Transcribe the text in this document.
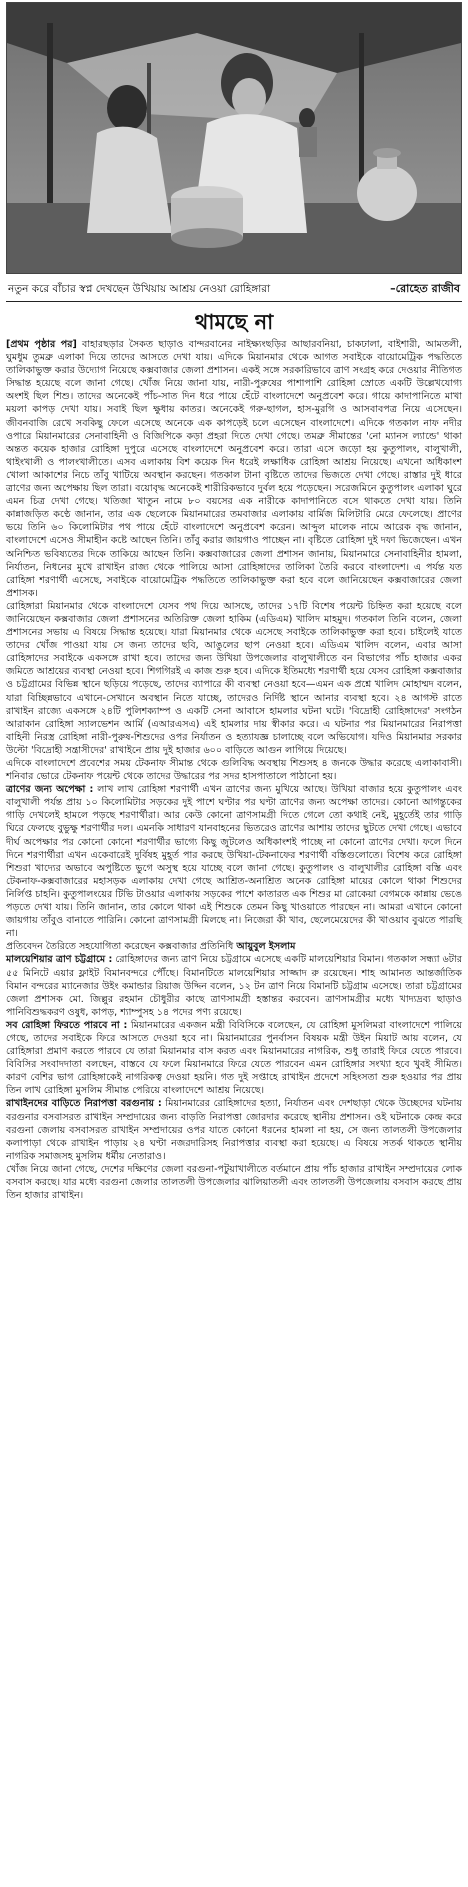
নতুন করে বাঁচার স্বপ্ন দেখছেন উখিয়ায় আশ্রয় নেওয়া রোহিঙ্গারা	–রোহেত রাজীব
থামছে না

[প্রথম পৃষ্ঠার পর] বাহারছড়ার সৈকত ছাড়াও বান্দরবানের নাইক্ষ্যংছড়ির আছারবনিয়া, চাকঢালা, বাইশারী, আমতলী, ঘুমধুম তুমব্রু এলাকা দিয়ে তাদের আসতে দেখা যায়। এদিকে মিয়ানমার থেকে আগত সবাইকে বায়োমেট্রিক পদ্ধতিতে তালিকাভুক্ত করার উদ্যোগ নিয়েছে কক্সবাজার জেলা প্রশাসন। একই সঙ্গে সরকারিভাবে ত্রাণ সংগ্রহ করে দেওয়ার নীতিগত সিদ্ধান্ত হয়েছে বলে জানা গেছে। খোঁজ নিয়ে জানা যায়, নারী-পুরুষের পাশাপাশি রোহিঙ্গা স্রোতে একটি উল্লেখযোগ্য অংশই ছিল শিশু। তাদের অনেকেই পাঁচ-সাত দিন ধরে পায়ে হেঁটে বাংলাদেশে অনুপ্রবেশ করে। গায়ে কাদাপানিতে মাখা ময়লা কাপড় দেখা যায়। সবাই ছিল ক্ষুধায় কাতর। অনেকেই গরু-ছাগল, হাস-মুরগি ও আসবাবপত্র নিয়ে এসেছেন। জীবনবাজি রেখে সবকিছু ফেলে এসেছে অনেকে এক কাপড়েই চলে এসেছেন বাংলাদেশে। এদিকে গতকাল নাফ নদীর ওপারে মিয়ানমারের সেনাবাহিনী ও বিজিপিকে কড়া প্রহরা দিতে দেখা গেছে। তমব্রু সীমান্তের 'নো ম্যানস ল্যান্ডে' থাকা অন্তত কয়েক হাজার রোহিঙ্গা দুপুরে এসেছে বাংলাদেশে অনুপ্রবেশ করে। তারা এসে জড়ো হয় কুতুপালং, বালুখালী, থাইংখালী ও পালংখালীতে। এসব এলাকায় বিশ কয়েক দিন ধরেই লক্ষাধিক রোহিঙ্গা আশ্রয় নিয়েছে। এখনো অধিকাংশ খোলা আকাশের নিচে তাঁবু খাটিয়ে অবস্থান করছেন। গতকাল টানা বৃষ্টিতে তাদের ভিজতে দেখা গেছে। রাস্তার দুই ধারে ত্রাণের জন্য অপেক্ষায় ছিল তারা। বয়োবৃদ্ধ অনেকেই শারীরিকভাবে দুর্বল হয়ে পড়েছেন। সরেজমিনে কুতুপালং এলাকা ঘুরে এমন চিত্র দেখা গেছে। খতিজা খাতুন নামে ৮০ বয়সের এক নারীকে কাদাপানিতে বসে থাকতে দেখা যায়। তিনি কান্নাজড়িত কণ্ঠে জানান, তার এক ছেলেকে মিয়ানমারের তমবাজার এলাকায় বার্মিজ মিলিটারি মেরে ফেলেছে। প্রাণের ভয়ে তিনি ৬০ কিলোমিটার পথ পায়ে হেঁটে বাংলাদেশে অনুপ্রবেশ করেন। আব্দুল মালেক নামে আরেক বৃদ্ধ জানান, বাংলাদেশে এসেও সীমাহীন কষ্টে আছেন তিনি। তাঁবু করার জায়গাও পাচ্ছেন না। বৃষ্টিতে রোহিঙ্গা দুই দফা ভিজেছেন। এখন অনিশ্চিত ভবিষ্যতের দিকে তাকিয়ে আছেন তিনি। কক্সবাজারের জেলা প্রশাসন জানায়, মিয়ানমারে সেনাবাহিনীর হামলা, নির্যাতন, নিধনের মুখে রাখাইন রাজ্য থেকে পালিয়ে আসা রোহিঙ্গাদের তালিকা তৈরি করবে বাংলাদেশ। এ পর্যন্ত যত রোহিঙ্গা শরণার্থী এসেছে, সবাইকে বায়োমেট্রিক পদ্ধতিতে তালিকাভুক্ত করা হবে বলে জানিয়েছেন কক্সবাজারের জেলা প্রশাসক।

রোহিঙ্গারা মিয়ানমার থেকে বাংলাদেশে যেসব পথ দিয়ে আসছে, তাদের ১৭টি বিশেষ পয়েন্ট চিহ্নিত করা হয়েছে বলে জানিয়েছেন কক্সবাজার জেলা প্রশাসনের অতিরিক্ত জেলা হাকিম (এডিএম) খালিদ মাহমুদ। গতকাল তিনি বলেন, জেলা প্রশাসনের সভায় এ বিষয়ে সিদ্ধান্ত হয়েছে। যারা মিয়ানমার থেকে এসেছে সবাইকে তালিকাভুক্ত করা হবে। চাইলেই যাতে তাদের খোঁজ পাওয়া যায় সে জন্য তাদের ছবি, আঙুলের ছাপ নেওয়া হবে। এডিএম খালিদ বলেন, এবার আসা রোহিঙ্গাদের সবাইকে একসঙ্গে রাখা হবে। তাদের জন্য উখিয়া উপজেলার বালুখালীতে বন বিভাগের পাঁচ হাজার একর জমিতে আশ্রয়ের ব্যবস্থা নেওয়া হবে। শিগগিরই এ কাজ শুরু হবে। এদিকে ইতিমধ্যে শরণার্থী হয়ে যেসব রোহিঙ্গা কক্সবাজার ও চট্টগ্রামের বিভিন্ন স্থানে ছড়িয়ে পড়েছে, তাদের ব্যাপারে কী ব্যবস্থা নেওয়া হবে—এমন এক প্রশ্নে খালিদ মোহাম্মদ বলেন, যারা বিচ্ছিন্নভাবে এখানে-সেখানে অবস্থান নিতে যাচ্ছে, তাদেরও নির্দিষ্ট স্থানে আনার ব্যবস্থা হবে। ২৪ আগস্ট রাতে রাখাইন রাজ্যে একসঙ্গে ২৪টি পুলিশক্যাম্প ও একটি সেনা আবাসে হামলার ঘটনা ঘটে। 'বিদ্রোহী রোহিঙ্গাদের' সংগঠন আরাকান রোহিঙ্গা স্যালভেশন আর্মি (এআরএসএ) এই হামলার দায় স্বীকার করে। এ ঘটনার পর মিয়ানমারের নিরাপত্তা বাহিনী নিরস্ত্র রোহিঙ্গা নারী-পুরুষ-শিশুদের ওপর নির্যাতন ও হত্যাযজ্ঞ চালাচ্ছে বলে অভিযোগ। যদিও মিয়ানমার সরকার উল্টো 'বিদ্রোহী সন্ত্রাসীদের' রাখাইনে প্রায় দুই হাজার ৬০০ বাড়িতে আগুন লাগিয়ে দিয়েছে।

এদিকে বাংলাদেশে প্রবেশের সময় টেকনাফ সীমান্ত থেকে গুলিবিদ্ধ অবস্থায় শিশুসহ ৪ জনকে উদ্ধার করেছে এলাকাবাসী। শনিবার ভোরে টেকনাফ পয়েন্ট থেকে তাদের উদ্ধারের পর সদর হাসপাতালে পাঠানো হয়।

ত্রাণের জন্য অপেক্ষা : লাখ লাখ রোহিঙ্গা শরণার্থী এখন ত্রাণের জন্য মুখিয়ে আছে। উখিয়া বাজার হয়ে কুতুপালং এবং বালুখালী পর্যন্ত প্রায় ১০ কিলোমিটার সড়কের দুই পাশে ঘণ্টার পর ঘণ্টা ত্রাণের জন্য অপেক্ষা তাদের। কোনো আগন্তুকের গাড়ি দেখলেই হামলে পড়ছে শরণার্থীরা। আর কেউ কোনো ত্রাণসামগ্রী দিতে গেলে তো কথাই নেই, মুহূর্তেই তার গাড়ি ঘিরে ফেলছে বুভুক্ষু শরণার্থীর দল। এমনকি সাধারণ যানবাহনের ভিতরেও ত্রাণের আশায় তাদের ছুটতে দেখা গেছে। এভাবে দীর্ঘ অপেক্ষার পর কোনো কোনো শরণার্থীর ভাগ্যে কিছু জুটলেও অধিকাংশই পাচ্ছে না কোনো ত্রাণের দেখা। ফলে দিনে দিনে শরণার্থীরা এখন একেবারেই দুর্বিষহ মুহূর্ত পার করছে উখিয়া-টেকনাফের শরণার্থী বস্তিগুলোতে। বিশেষ করে রোহিঙ্গা শিশুরা খাদ্যের অভাবে অপুষ্টিতে ভুগে অসুস্থ হয়ে যাচ্ছে বলে জানা গেছে। কুতুপালং ও বালুখালীর রোহিঙ্গা বস্তি এবং টেকনাফ-কক্সবাজারের মহাসড়ক এলাকায় দেখা গেছে আশ্রিত-অনাশ্রিত অনেক রোহিঙ্গা মায়ের কোলে থাকা শিশুদের নির্লিপ্ত চাহনি। কুতুপালংয়ের টিভি টাওয়ার এলাকায় সড়কের পাশে কাতারত এক শিশুর মা রোকেয়া বেগমকে কান্নায় ভেঙে পড়তে দেখা যায়। তিনি জানান, তার কোলে থাকা এই শিশুকে তেমন কিছু খাওয়াতে পারছেন না। আমরা এখানে কোনো জায়গায় তাঁবুও বানাতে পারিনি। কোনো ত্রাণসামগ্রী মিলছে না। নিজেরা কী খাব, ছেলেমেয়েদের কী খাওয়াব বুঝতে পারছি না।

প্রতিবেদন তৈরিতে সহযোগিতা করেছেন কক্সবাজার প্রতিনিধি আয়ুবুল ইসলাম

মালয়েশিয়ার ত্রাণ চট্টগ্রামে : রোহিঙ্গাদের জন্য ত্রাণ নিয়ে চট্টগ্রামে এসেছে একটি মালয়েশিয়ার বিমান। গতকাল সন্ধ্যা ৬টার ৫৫ মিনিটে এয়ার ফ্লাইট বিমানবন্দরে পৌঁছে। বিমানটিতে মালয়েশিয়ার সাজ্জাদ রু রয়েছেন। শাহ আমানত আন্তর্জাতিক বিমান বন্দরের ম্যানেজার উইং কমান্ডার রিয়াজ উদ্দিন বলেন, ১২ টন ত্রাণ নিয়ে বিমানটি চট্টগ্রাম এসেছে। তারা চট্টগ্রামের জেলা প্রশাসক মো. জিল্লুর রহমান চৌধুরীর কাছে ত্রাণসামগ্রী হস্তান্তর করবেন। ত্রাণসামগ্রীর মধ্যে খাদ্যদ্রব্য ছাড়াও পানিবিশুদ্ধকরণ ওষুধ, কাপড়, শ্যাম্পুসহ ১৪ পদের পণ্য রয়েছে।

সব রোহিঙ্গা ফিরতে পারবে না : মিয়ানমারের একজন মন্ত্রী বিবিসিকে বলেছেন, যে রোহিঙ্গা মুসলিমরা বাংলাদেশে পালিয়ে গেছে, তাদের সবাইকে ফিরে আসতে দেওয়া হবে না। মিয়ানমারের পুনর্বাসন বিষয়ক মন্ত্রী উইন মিয়াট আয় বলেন, যে রোহিঙ্গারা প্রমাণ করতে পারবে যে তারা মিয়ানমার বাস করত এবং মিয়ানমারের নাগরিক, শুধু তারাই ফিরে যেতে পারবে। বিবিসির সংবাদদাতা বলছেন, বাস্তবে যে ফলে মিয়ানমারে ফিরে যেতে পারবেন এমন রোহিঙ্গার সংখ্যা হবে খুবই সীমিত। কারণ বেশির ভাগ রোহিঙ্গাকেই নাগরিকত্ব দেওয়া হয়নি। গত দুই সপ্তাহে রাখাইন প্রদেশে সহিংসতা শুরু হওয়ার পর প্রায় তিন লাখ রোহিঙ্গা মুসলিম সীমান্ত পেরিয়ে বাংলাদেশে আশ্রয় নিয়েছে।

রাখাইনদের বাড়িতে নিরাপত্তা বরগুনায় : মিয়ানমারের রোহিঙ্গাদের হত্যা, নির্যাতন এবং দেশছাড়া থেকে উচ্ছেদের ঘটনায় বরগুনার বসবাসরত রাখাইন সম্প্রদায়ের জন্য বাড়তি নিরাপত্তা জোরদার করেছে স্থানীয় প্রশাসন। ওই ঘটনাকে কেন্দ্র করে বরগুনা জেলায় বসবাসরত রাখাইন সম্প্রদায়ের ওপর যাতে কোনো ধরনের হামলা না হয়, সে জন্য তালতলী উপজেলার কলাপাড়া থেকে রাখাইন পাড়ায় ২৪ ঘণ্টা নজরদারিসহ নিরাপত্তার ব্যবস্থা করা হয়েছে। এ বিষয়ে সতর্ক থাকতে স্থানীয় নাগরিক সমাজসহ মুসলিম ধর্মীয় নেতারাও।

খোঁজ নিয়ে জানা গেছে, দেশের দক্ষিণের জেলা বরগুনা-পটুয়াখালীতে বর্তমানে প্রায় পাঁচ হাজার রাখাইন সম্প্রদায়ের লোক বসবাস করছে। যার মধ্যে বরগুনা জেলার তালতলী উপজেলার ঝালিয়াতলী এবং তালতলী উপজেলায় বসবাস করছে প্রায় তিন হাজার রাখাইন।
